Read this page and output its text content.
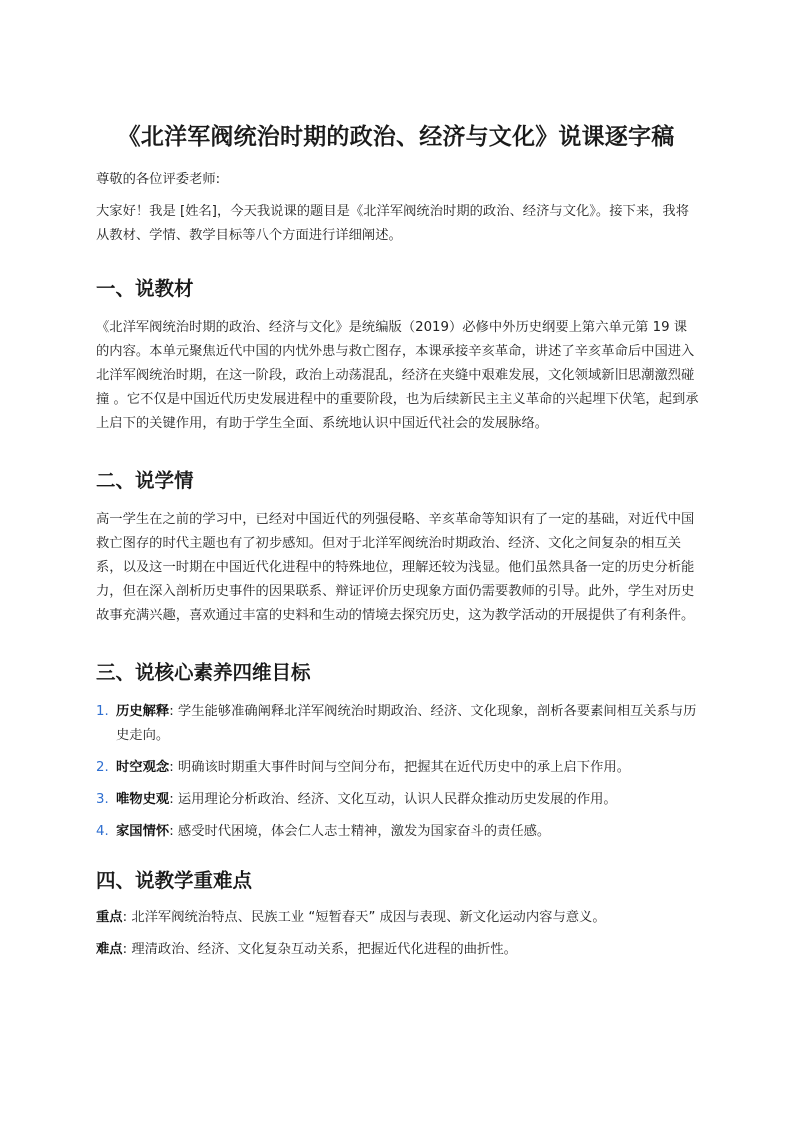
《北洋军阀统治时期的政治、经济与文化》说课逐字稿

尊敬的各位评委老师:

大家好！我是 [姓名]，今天我说课的题目是《北洋军阀统治时期的政治、经济与文化》。接下来，我将从教材、学情、教学目标等八个方面进行详细阐述。

一、说教材

《北洋军阀统治时期的政治、经济与文化》是统编版（2019）必修中外历史纲要上第六单元第 19 课的内容。本单元聚焦近代中国的内忧外患与救亡图存，本课承接辛亥革命，讲述了辛亥革命后中国进入北洋军阀统治时期，在这一阶段，政治上动荡混乱，经济在夹缝中艰难发展，文化领域新旧思潮激烈碰撞 。它不仅是中国近代历史发展进程中的重要阶段，也为后续新民主主义革命的兴起埋下伏笔，起到承上启下的关键作用，有助于学生全面、系统地认识中国近代社会的发展脉络。

二、说学情

高一学生在之前的学习中，已经对中国近代的列强侵略、辛亥革命等知识有了一定的基础，对近代中国救亡图存的时代主题也有了初步感知。但对于北洋军阀统治时期政治、经济、文化之间复杂的相互关系，以及这一时期在中国近代化进程中的特殊地位，理解还较为浅显。他们虽然具备一定的历史分析能力，但在深入剖析历史事件的因果联系、辩证评价历史现象方面仍需要教师的引导。此外，学生对历史故事充满兴趣，喜欢通过丰富的史料和生动的情境去探究历史，这为教学活动的开展提供了有利条件。

三、说核心素养四维目标
1. 历史解释: 学生能够准确阐释北洋军阀统治时期政治、经济、文化现象，剖析各要素间相互关系与历史走向。
2. 时空观念: 明确该时期重大事件时间与空间分布，把握其在近代历史中的承上启下作用。
3. 唯物史观: 运用理论分析政治、经济、文化互动，认识人民群众推动历史发展的作用。
4. 家国情怀: 感受时代困境，体会仁人志士精神，激发为国家奋斗的责任感。
四、说教学重难点

重点: 北洋军阀统治特点、民族工业 “短暂春天” 成因与表现、新文化运动内容与意义。

难点: 理清政治、经济、文化复杂互动关系，把握近代化进程的曲折性。
